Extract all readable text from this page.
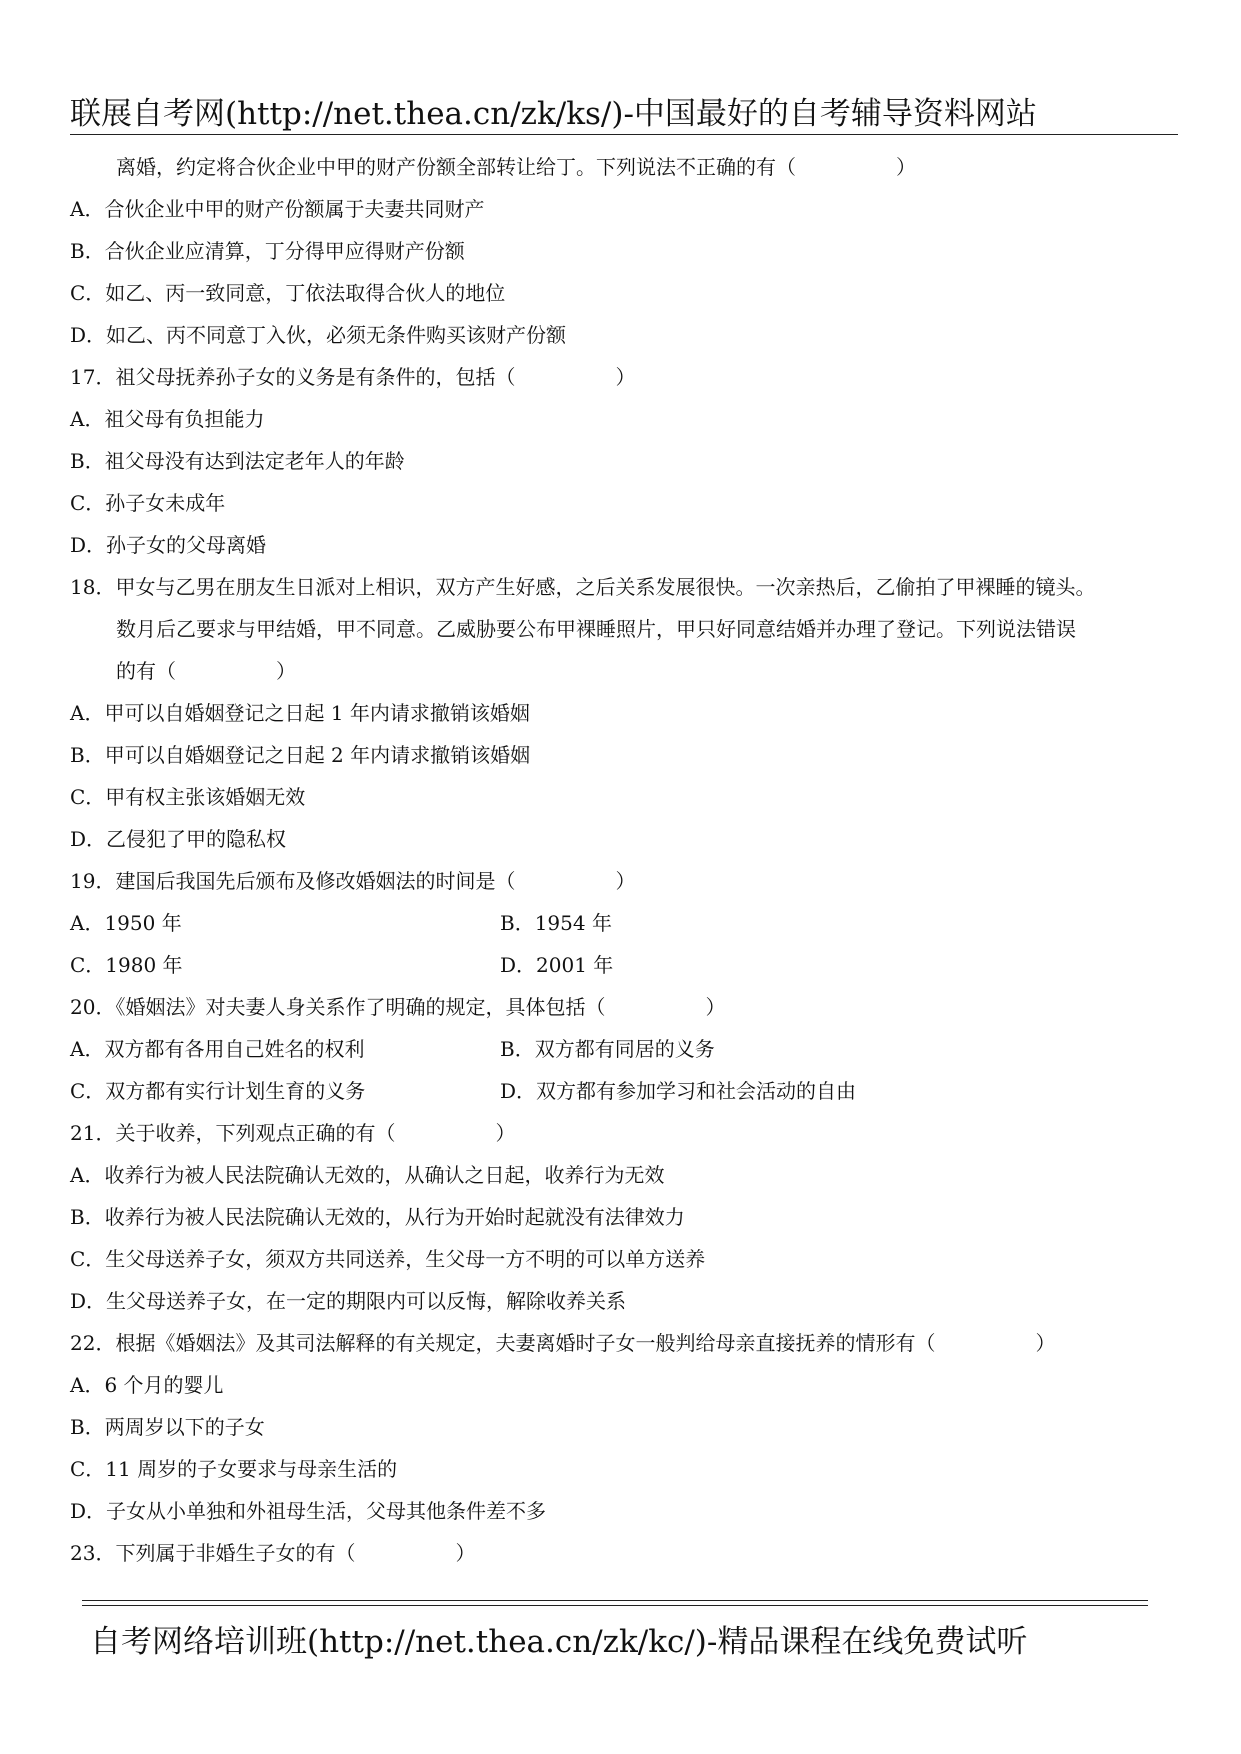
联展自考网(http://net.thea.cn/zk/ks/)-中国最好的自考辅导资料网站
离婚，约定将合伙企业中甲的财产份额全部转让给丁。下列说法不正确的有（　　　　　）
A．合伙企业中甲的财产份额属于夫妻共同财产
B．合伙企业应清算，丁分得甲应得财产份额
C．如乙、丙一致同意，丁依法取得合伙人的地位
D．如乙、丙不同意丁入伙，必须无条件购买该财产份额
17．祖父母抚养孙子女的义务是有条件的，包括（　　　　　）
A．祖父母有负担能力
B．祖父母没有达到法定老年人的年龄
C．孙子女未成年
D．孙子女的父母离婚
18．甲女与乙男在朋友生日派对上相识，双方产生好感，之后关系发展很快。一次亲热后，乙偷拍了甲裸睡的镜头。
数月后乙要求与甲结婚，甲不同意。乙威胁要公布甲裸睡照片，甲只好同意结婚并办理了登记。下列说法错误
的有（　　　　　）
A．甲可以自婚姻登记之日起 1 年内请求撤销该婚姻
B．甲可以自婚姻登记之日起 2 年内请求撤销该婚姻
C．甲有权主张该婚姻无效
D．乙侵犯了甲的隐私权
19．建国后我国先后颁布及修改婚姻法的时间是（　　　　　）
A．1950 年	B．1954 年
C．1980 年	D．2001 年
20．《婚姻法》对夫妻人身关系作了明确的规定，具体包括（　　　　　）
A．双方都有各用自己姓名的权利	B．双方都有同居的义务
C．双方都有实行计划生育的义务	D．双方都有参加学习和社会活动的自由
21．关于收养，下列观点正确的有（　　　　　）
A．收养行为被人民法院确认无效的，从确认之日起，收养行为无效
B．收养行为被人民法院确认无效的，从行为开始时起就没有法律效力
C．生父母送养子女，须双方共同送养，生父母一方不明的可以单方送养
D．生父母送养子女，在一定的期限内可以反悔，解除收养关系
22．根据《婚姻法》及其司法解释的有关规定，夫妻离婚时子女一般判给母亲直接抚养的情形有（　　　　　）
A．6 个月的婴儿
B．两周岁以下的子女
C．11 周岁的子女要求与母亲生活的
D．子女从小单独和外祖母生活，父母其他条件差不多
23．下列属于非婚生子女的有（　　　　　）
自考网络培训班(http://net.thea.cn/zk/kc/)-精品课程在线免费试听
